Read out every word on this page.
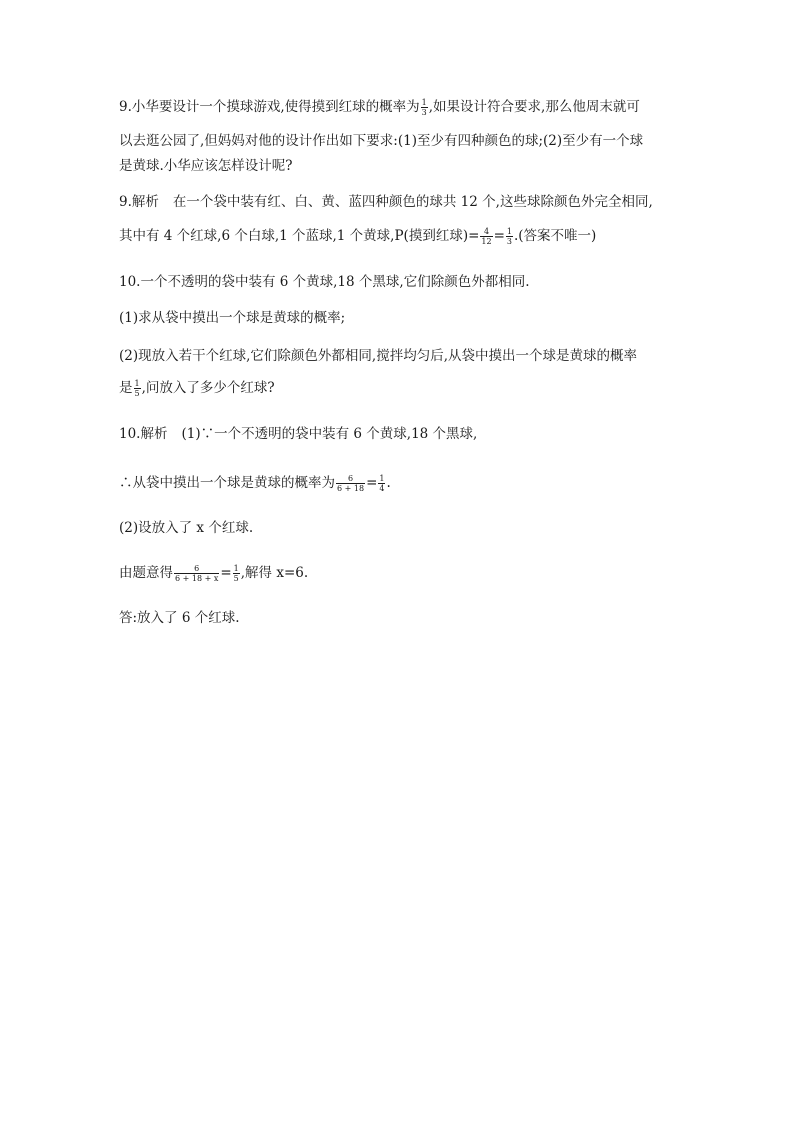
9.小华要设计一个摸球游戏,使得摸到红球的概率为 $\frac{1}{3}$ ,如果设计符合要求,那么他周末就可
以去逛公园了,但妈妈对他的设计作出如下要求:(1)至少有四种颜色的球;(2)至少有一个球
是黄球.小华应该怎样设计呢?
9.解析 在一个袋中装有红、白、黄、蓝四种颜色的球共 12 个,这些球除颜色外完全相同,
其中有 4 个红球,6 个白球,1 个蓝球,1 个黄球,P(摸到红球)= $\frac{4}{12} = \frac{1}{3}$ .(答案不唯一)
10.一个不透明的袋中装有 6 个黄球,18 个黑球,它们除颜色外都相同.
(1)求从袋中摸出一个球是黄球的概率;
(2)现放入若干个红球,它们除颜色外都相同,搅拌均匀后,从袋中摸出一个球是黄球的概率
是 $\frac{1}{5}$ ,问放入了多少个红球?
10.解析 (1)∵一个不透明的袋中装有 6 个黄球,18 个黑球,
∴从袋中摸出一个球是黄球的概率为 $\frac{6}{6 + 18} = \frac{1}{4}$ .
(2)设放入了 x 个红球.
由题意得 $\frac{6}{6 + 18 + x} = \frac{1}{5}$ ,解得 x=6.
答:放入了 6 个红球.
